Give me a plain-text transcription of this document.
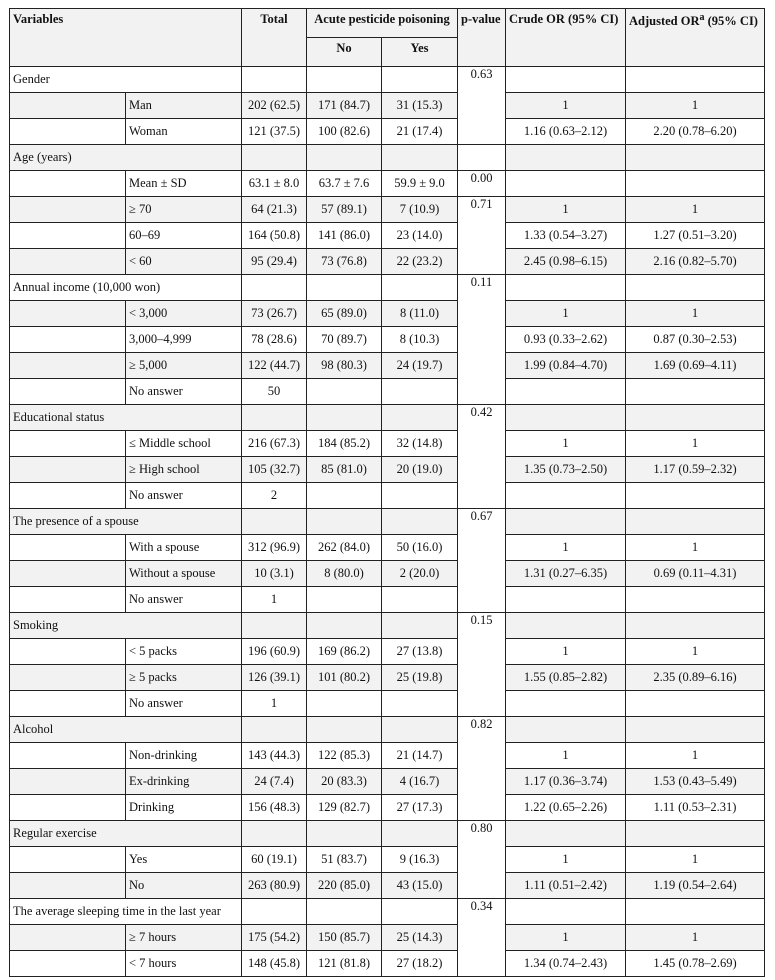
Variables		Total	Acute pesticide poisoning		p-value	Crude OR (95% CI)	Adjusted $OR^a$ (95% CI)
			No	Yes			
Gender					0.63		
	Man	202 (62.5)	171 (84.7)	31 (15.3)		1	1
	Woman	121 (37.5)	100 (82.6)	21 (17.4)		1.16 (0.63–2.12)	2.20 (0.78–6.20)
Age (years)							
	Mean ± SD	63.1 ± 8.0	63.7 ± 7.6	59.9 ± 9.0	0.00		
	≥ 70	64 (21.3)	57 (89.1)	7 (10.9)	0.71	1	1
	60–69	164 (50.8)	141 (86.0)	23 (14.0)		1.33 (0.54–3.27)	1.27 (0.51–3.20)
	< 60	95 (29.4)	73 (76.8)	22 (23.2)		2.45 (0.98–6.15)	2.16 (0.82–5.70)
Annual income (10,000 won)					0.11		
	< 3,000	73 (26.7)	65 (89.0)	8 (11.0)		1	1
	3,000–4,999	78 (28.6)	70 (89.7)	8 (10.3)		0.93 (0.33–2.62)	0.87 (0.30–2.53)
	≥ 5,000	122 (44.7)	98 (80.3)	24 (19.7)		1.99 (0.84–4.70)	1.69 (0.69–4.11)
	No answer	50					
Educational status					0.42		
	≤ Middle school	216 (67.3)	184 (85.2)	32 (14.8)		1	1
	≥ High school	105 (32.7)	85 (81.0)	20 (19.0)		1.35 (0.73–2.50)	1.17 (0.59–2.32)
	No answer	2					
The presence of a spouse					0.67		
	With a spouse	312 (96.9)	262 (84.0)	50 (16.0)		1	1
	Without a spouse	10 (3.1)	8 (80.0)	2 (20.0)		1.31 (0.27–6.35)	0.69 (0.11–4.31)
	No answer	1					
Smoking					0.15		
	< 5 packs	196 (60.9)	169 (86.2)	27 (13.8)		1	1
	≥ 5 packs	126 (39.1)	101 (80.2)	25 (19.8)		1.55 (0.85–2.82)	2.35 (0.89–6.16)
	No answer	1					
Alcohol					0.82		
	Non-drinking	143 (44.3)	122 (85.3)	21 (14.7)		1	1
	Ex-drinking	24 (7.4)	20 (83.3)	4 (16.7)		1.17 (0.36–3.74)	1.53 (0.43–5.49)
	Drinking	156 (48.3)	129 (82.7)	27 (17.3)		1.22 (0.65–2.26)	1.11 (0.53–2.31)
Regular exercise					0.80		
	Yes	60 (19.1)	51 (83.7)	9 (16.3)		1	1
	No	263 (80.9)	220 (85.0)	43 (15.0)		1.11 (0.51–2.42)	1.19 (0.54–2.64)
The average sleeping time in the last year					0.34		
	≥ 7 hours	175 (54.2)	150 (85.7)	25 (14.3)		1	1
	< 7 hours	148 (45.8)	121 (81.8)	27 (18.2)		1.34 (0.74–2.43)	1.45 (0.78–2.69)
